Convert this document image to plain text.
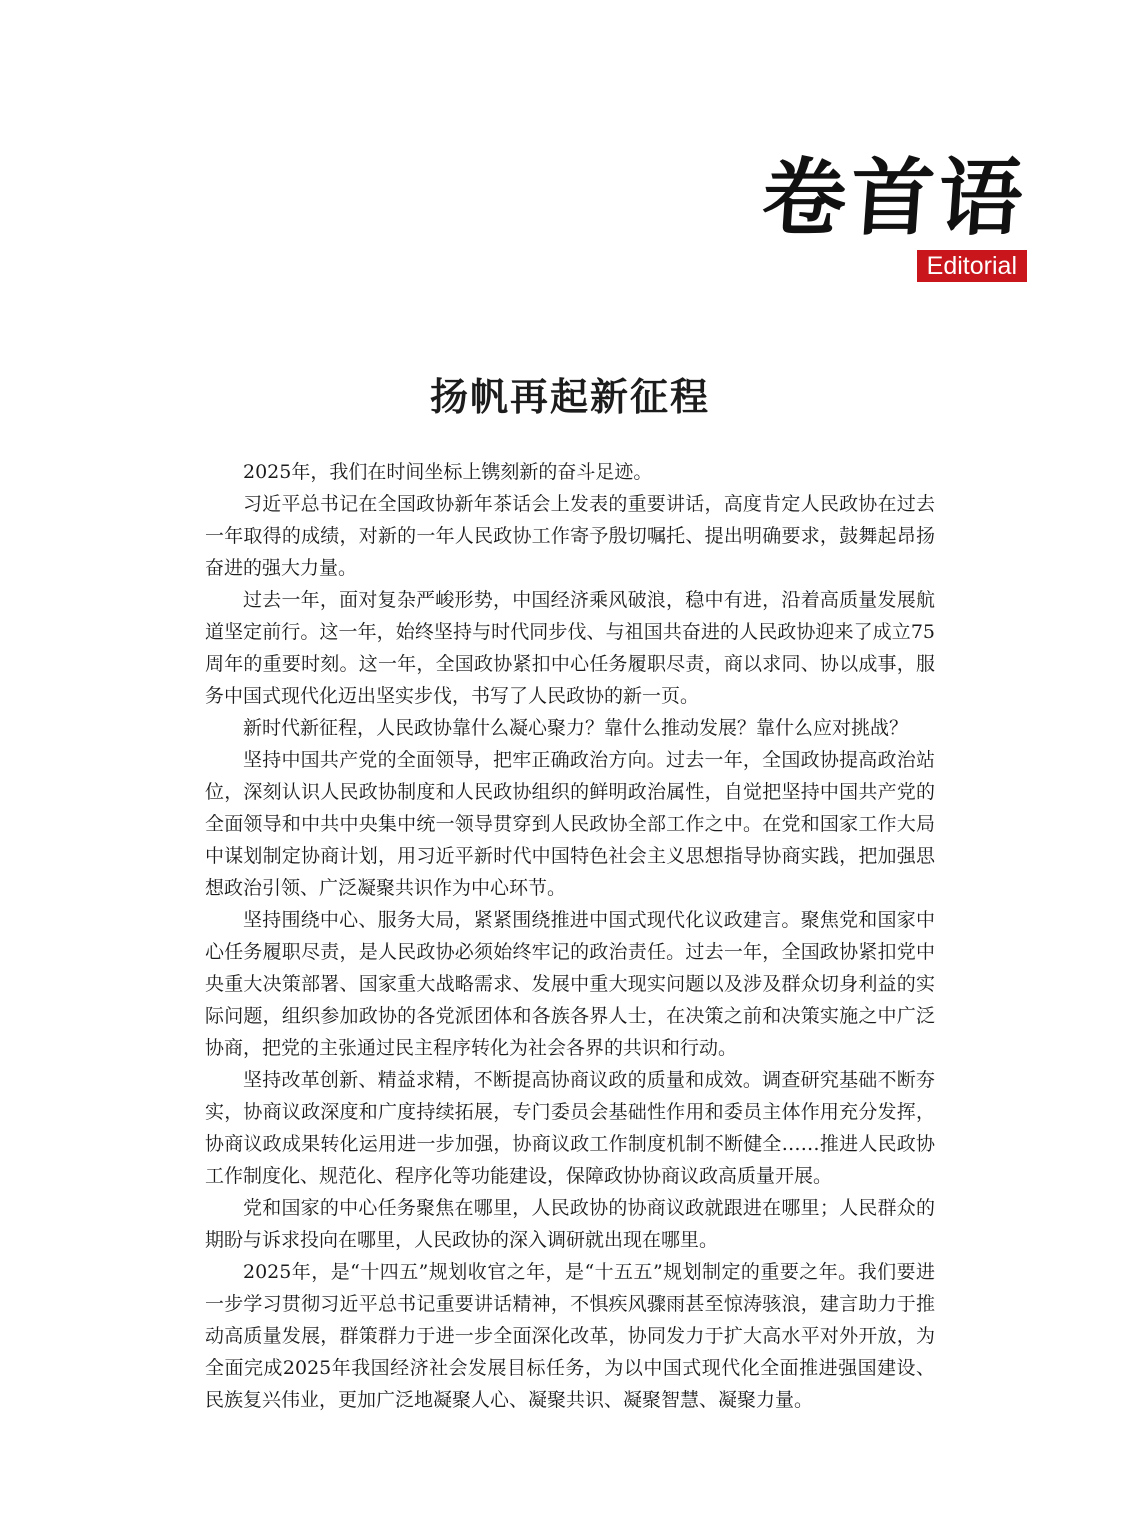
卷首语
Editorial
扬帆再起新征程

2025年，我们在时间坐标上镌刻新的奋斗足迹。

习近平总书记在全国政协新年茶话会上发表的重要讲话，高度肯定人民政协在过去一年取得的成绩，对新的一年人民政协工作寄予殷切嘱托、提出明确要求，鼓舞起昂扬奋进的强大力量。

过去一年，面对复杂严峻形势，中国经济乘风破浪，稳中有进，沿着高质量发展航道坚定前行。这一年，始终坚持与时代同步伐、与祖国共奋进的人民政协迎来了成立75周年的重要时刻。这一年，全国政协紧扣中心任务履职尽责，商以求同、协以成事，服务中国式现代化迈出坚实步伐，书写了人民政协的新一页。

新时代新征程，人民政协靠什么凝心聚力？靠什么推动发展？靠什么应对挑战？

坚持中国共产党的全面领导，把牢正确政治方向。过去一年，全国政协提高政治站位，深刻认识人民政协制度和人民政协组织的鲜明政治属性，自觉把坚持中国共产党的全面领导和中共中央集中统一领导贯穿到人民政协全部工作之中。在党和国家工作大局中谋划制定协商计划，用习近平新时代中国特色社会主义思想指导协商实践，把加强思想政治引领、广泛凝聚共识作为中心环节。

坚持围绕中心、服务大局，紧紧围绕推进中国式现代化议政建言。聚焦党和国家中心任务履职尽责，是人民政协必须始终牢记的政治责任。过去一年，全国政协紧扣党中央重大决策部署、国家重大战略需求、发展中重大现实问题以及涉及群众切身利益的实际问题，组织参加政协的各党派团体和各族各界人士，在决策之前和决策实施之中广泛协商，把党的主张通过民主程序转化为社会各界的共识和行动。

坚持改革创新、精益求精，不断提高协商议政的质量和成效。调查研究基础不断夯实，协商议政深度和广度持续拓展，专门委员会基础性作用和委员主体作用充分发挥，协商议政成果转化运用进一步加强，协商议政工作制度机制不断健全……推进人民政协工作制度化、规范化、程序化等功能建设，保障政协协商议政高质量开展。

党和国家的中心任务聚焦在哪里，人民政协的协商议政就跟进在哪里；人民群众的期盼与诉求投向在哪里，人民政协的深入调研就出现在哪里。

2025年，是“十四五”规划收官之年，是“十五五”规划制定的重要之年。我们要进一步学习贯彻习近平总书记重要讲话精神，不惧疾风骤雨甚至惊涛骇浪，建言助力于推动高质量发展，群策群力于进一步全面深化改革，协同发力于扩大高水平对外开放，为全面完成2025年我国经济社会发展目标任务，为以中国式现代化全面推进强国建设、民族复兴伟业，更加广泛地凝聚人心、凝聚共识、凝聚智慧、凝聚力量。
